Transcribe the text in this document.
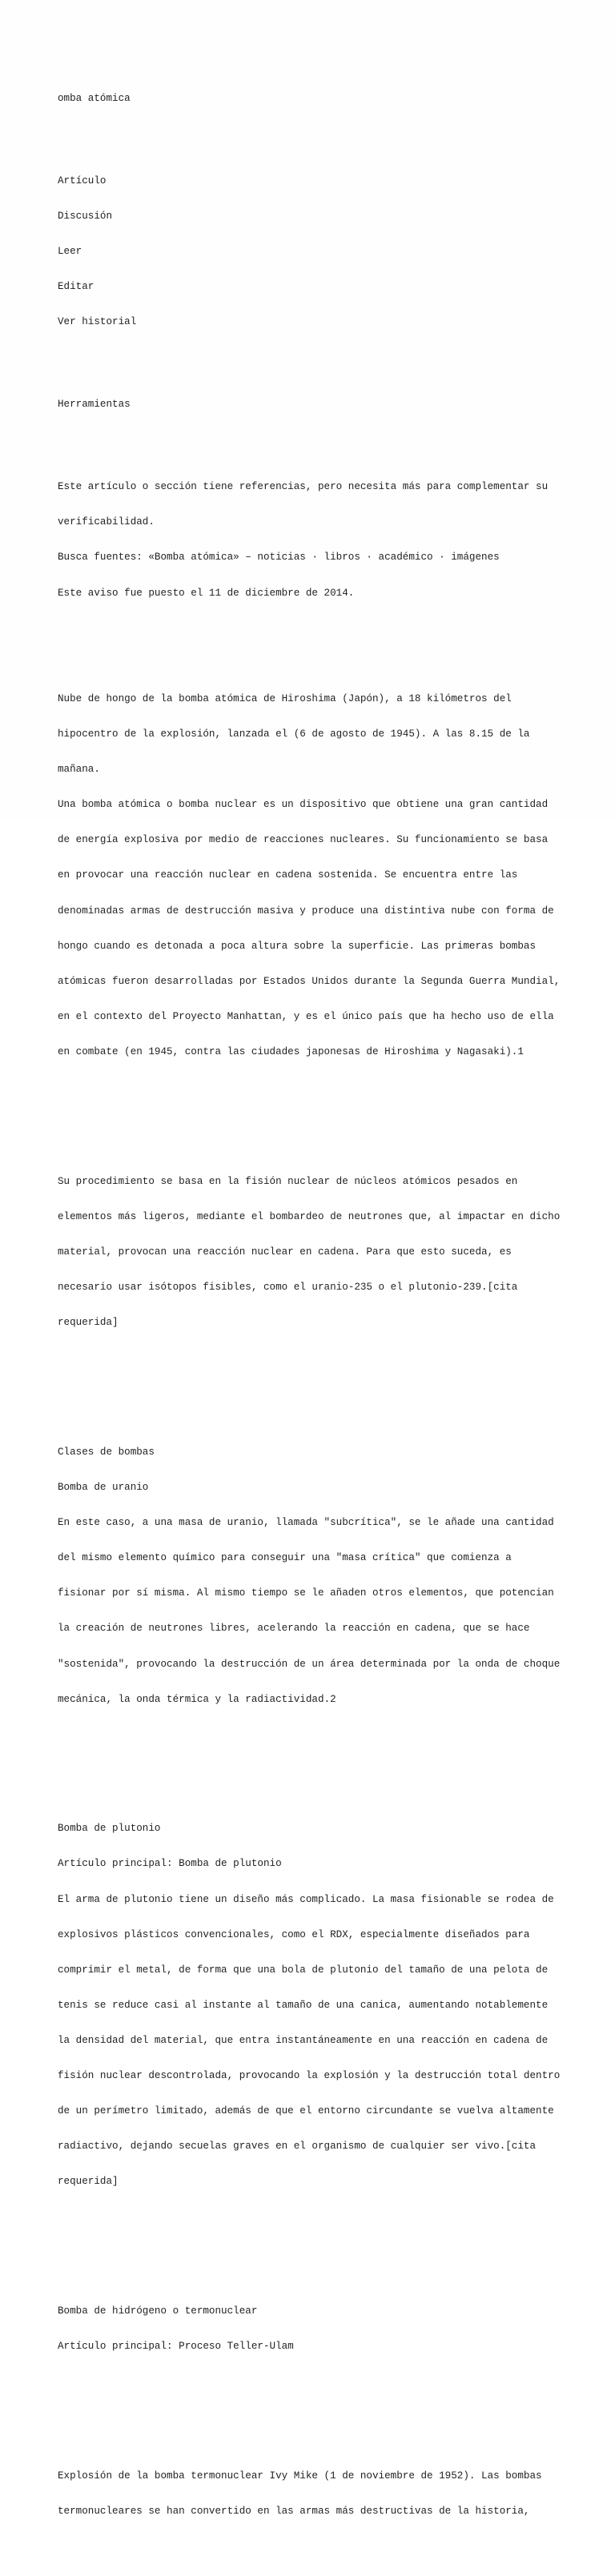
omba atómica

Artículo

Discusión

Leer

Editar

Ver historial

Herramientas

Este artículo o sección tiene referencias, pero necesita más para complementar su

verificabilidad.

Busca fuentes: «Bomba atómica» – noticias · libros · académico · imágenes

Este aviso fue puesto el 11 de diciembre de 2014.

Nube de hongo de la bomba atómica de Hiroshima (Japón), a 18 kilómetros del

hipocentro de la explosión, lanzada el (6 de agosto de 1945). A las 8.15 de la

mañana.

Una bomba atómica o bomba nuclear es un dispositivo que obtiene una gran cantidad

de energía explosiva por medio de reacciones nucleares. Su funcionamiento se basa

en provocar una reacción nuclear en cadena sostenida. Se encuentra entre las

denominadas armas de destrucción masiva y produce una distintiva nube con forma de

hongo cuando es detonada a poca altura sobre la superficie. Las primeras bombas

atómicas fueron desarrolladas por Estados Unidos durante la Segunda Guerra Mundial,

en el contexto del Proyecto Manhattan, y es el único país que ha hecho uso de ella

en combate (en 1945, contra las ciudades japonesas de Hiroshima y Nagasaki).1

Su procedimiento se basa en la fisión nuclear de núcleos atómicos pesados en

elementos más ligeros, mediante el bombardeo de neutrones que, al impactar en dicho

material, provocan una reacción nuclear en cadena. Para que esto suceda, es

necesario usar isótopos fisibles, como el uranio-235 o el plutonio-239.[cita

requerida]

Clases de bombas

Bomba de uranio

En este caso, a una masa de uranio, llamada "subcrítica", se le añade una cantidad

del mismo elemento químico para conseguir una "masa crítica" que comienza a

fisionar por sí misma. Al mismo tiempo se le añaden otros elementos, que potencian

la creación de neutrones libres, acelerando la reacción en cadena, que se hace

"sostenida", provocando la destrucción de un área determinada por la onda de choque

mecánica, la onda térmica y la radiactividad.2

Bomba de plutonio

Artículo principal: Bomba de plutonio

El arma de plutonio tiene un diseño más complicado. La masa fisionable se rodea de

explosivos plásticos convencionales, como el RDX, especialmente diseñados para

comprimir el metal, de forma que una bola de plutonio del tamaño de una pelota de

tenis se reduce casi al instante al tamaño de una canica, aumentando notablemente

la densidad del material, que entra instantáneamente en una reacción en cadena de

fisión nuclear descontrolada, provocando la explosión y la destrucción total dentro

de un perímetro limitado, además de que el entorno circundante se vuelva altamente

radiactivo, dejando secuelas graves en el organismo de cualquier ser vivo.[cita

requerida]

Bomba de hidrógeno o termonuclear

Artículo principal: Proceso Teller-Ulam

Explosión de la bomba termonuclear Ivy Mike (1 de noviembre de 1952). Las bombas

termonucleares se han convertido en las armas más destructivas de la historia,
